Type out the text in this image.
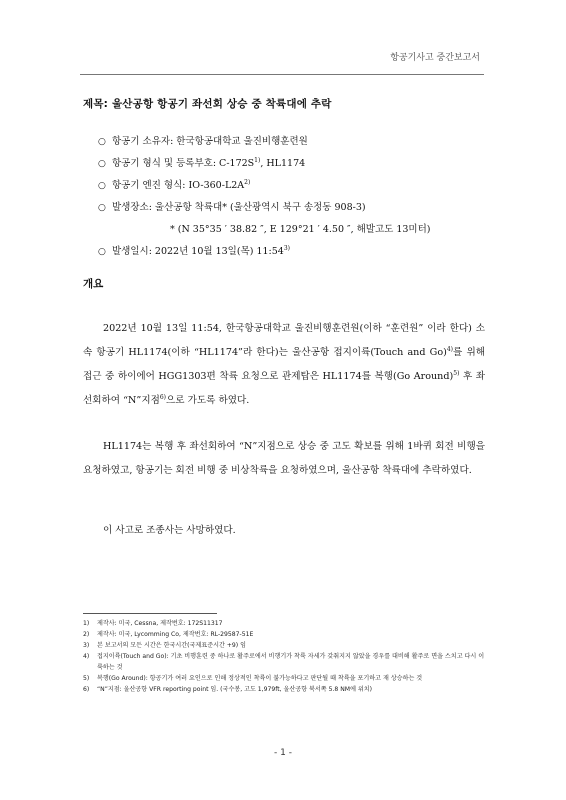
항공기사고 중간보고서
제목: 울산공항 항공기 좌선회 상승 중 착륙대에 추락
○ 항공기 소유자: 한국항공대학교 울진비행훈련원
○ 항공기 형식 및 등록부호: $C-172S^{1)}$, HL1174
○ 항공기 엔진 형식: $IO-360-L2A^{2)}$
○ 발생장소: 울산공항 착륙대* (울산광역시 북구 송정동 908-3)
* (N 35°35 ′ 38.82 ″, E 129°21 ′ 4.50 ″, 해발고도 13미터)
○ 발생일시: 2022년 10월 13일(목) 11:54$^{3)}$
개요
2022년 10월 13일 11:54, 한국항공대학교 울진비행훈련원(이하 “훈련원” 이라 한다) 소속 항공기 HL1174(이하 “HL1174”라 한다)는 울산공항 접지이륙(Touch and Go)$^{4)}$를 위해 접근 중 하이에어 HGG1303편 착륙 요청으로 관제탑은 HL1174를 복행(Go Around)$^{5)}$ 후 좌선회하여 “N”지점$^{6)}$으로 가도록 하였다.
HL1174는 복행 후 좌선회하여 “N”지점으로 상승 중 고도 확보를 위해 1바퀴 회전 비행을 요청하였고, 항공기는 회전 비행 중 비상착륙을 요청하였으며, 울산공항 착륙대에 추락하였다.
이 사고로 조종사는 사망하였다.
1) 제작사: 미국, Cessna, 제작번호: 172S11317
2) 제작사: 미국, Lycomming Co, 제작번호: RL-29587-51E
3) 본 보고서의 모든 시간은 한국시간(국제표준시간 +9) 임
4) 접지이륙(Touch and Go): 기초 비행훈련 중 하나로 활주로에서 비행기가 착륙 자세가 갖춰지지 않았을 경우를 대비해 활주로 면을 스치고 다시 이륙하는 것
5) 복행(Go Around): 항공기가 여러 요인으로 인해 정상적인 착륙이 불가능하다고 판단될 때 착륙을 포기하고 재 상승하는 것
6) “N”지점: 울산공항 VFR reporting point 임. (국수봉, 고도 1,979ft, 울산공항 북서쪽 5.8 NM에 위치)
- 1 -
